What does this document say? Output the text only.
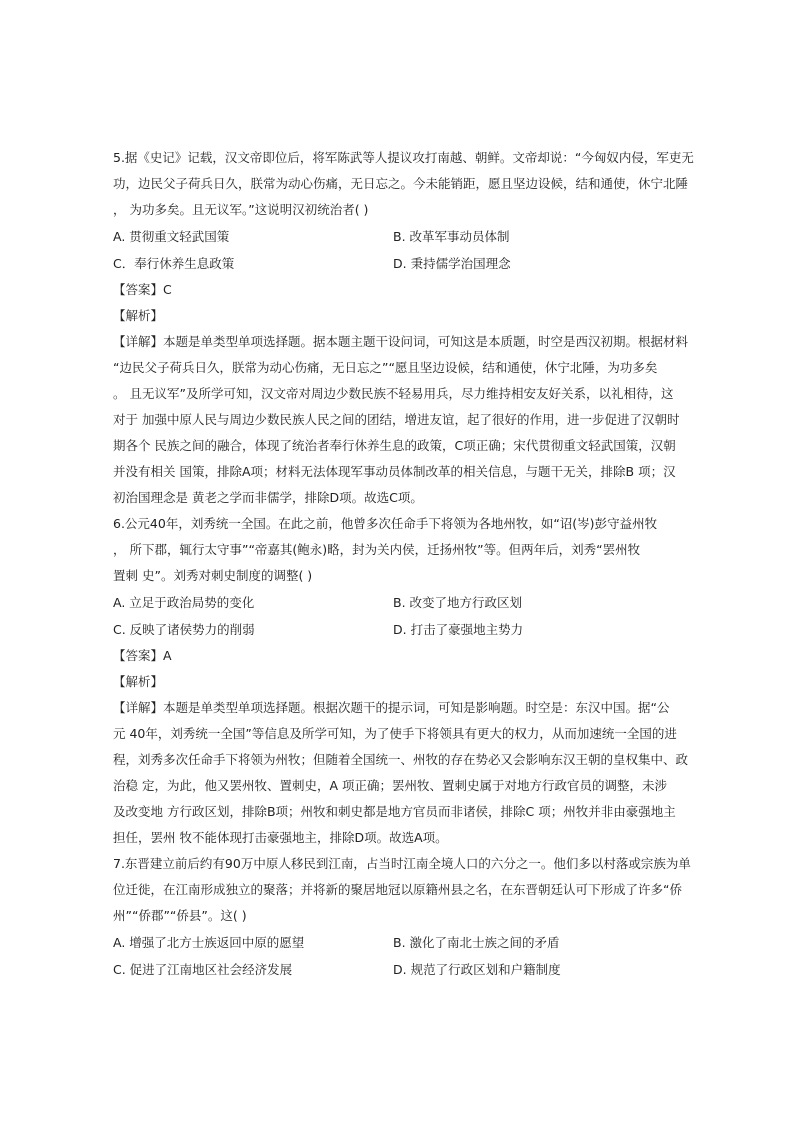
5.据《史记》记载，汉文帝即位后，将军陈武等人提议攻打南越、朝鲜。文帝却说：“今匈奴内侵，军吏无
功，边民父子荷兵日久，朕常为动心伤痛，无日忘之。今未能销距，愿且坚边设候，结和通使，休宁北陲
， 为功多矣。且无议军。”这说明汉初统治者( )
A. 贯彻重文轻武国策	B. 改革军事动员体制
C．奉行休养生息政策	D. 秉持儒学治国理念
【答案】C
【解析】
【详解】本题是单类型单项选择题。据本题主题干设问词，可知这是本质题，时空是西汉初期。根据材料
“边民父子荷兵日久，朕常为动心伤痛，无日忘之”“愿且坚边设候，结和通使，休宁北陲，为功多矣
。 且无议军”及所学可知，汉文帝对周边少数民族不轻易用兵，尽力维持相安友好关系，以礼相待，这
对于 加强中原人民与周边少数民族人民之间的团结，增进友谊，起了很好的作用，进一步促进了汉朝时
期各个 民族之间的融合，体现了统治者奉行休养生息的政策，C项正确；宋代贯彻重文轻武国策，汉朝
并没有相关 国策，排除A项；材料无法体现军事动员体制改革的相关信息，与题干无关，排除B 项；汉
初治国理念是 黄老之学而非儒学，排除D项。故选C项。
6.公元40年，刘秀统一全国。在此之前，他曾多次任命手下将领为各地州牧，如“诏(岑)彭守益州牧
， 所下郡，辄行太守事”“帝嘉其(鲍永)略，封为关内侯，迁扬州牧”等。但两年后，刘秀“罢州牧
置刺 史”。刘秀对刺史制度的调整( )
A. 立足于政治局势的变化	B. 改变了地方行政区划
C. 反映了诸侯势力的削弱	D. 打击了豪强地主势力
【答案】A
【解析】
【详解】本题是单类型单项选择题。根据次题干的提示词，可知是影响题。时空是：东汉中国。据“公
元 40年，刘秀统一全国”等信息及所学可知，为了使手下将领具有更大的权力，从而加速统一全国的进
程，刘秀多次任命手下将领为州牧；但随着全国统一、州牧的存在势必又会影响东汉王朝的皇权集中、政
治稳 定，为此，他又罢州牧、置刺史，A 项正确；罢州牧、置刺史属于对地方行政官员的调整，未涉
及改变地 方行政区划，排除B项；州牧和刺史都是地方官员而非诸侯，排除C 项；州牧并非由豪强地主
担任，罢州 牧不能体现打击豪强地主，排除D项。故选A项。
7.东晋建立前后约有90万中原人移民到江南，占当时江南全境人口的六分之一。他们多以村落或宗族为单
位迁徙，在江南形成独立的聚落；并将新的聚居地冠以原籍州县之名，在东晋朝廷认可下形成了许多“侨
州”“侨郡”“侨县”。这( )
A. 增强了北方士族返回中原的愿望	B. 激化了南北士族之间的矛盾
C. 促进了江南地区社会经济发展	D. 规范了行政区划和户籍制度
